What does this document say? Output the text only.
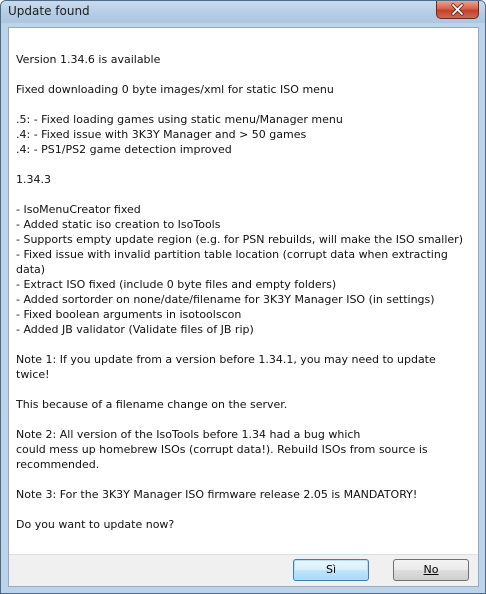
Update found
Version 1.34.6 is available

Fixed downloading 0 byte images/xml for static ISO menu

.5: - Fixed loading games using static menu/Manager menu
.4: - Fixed issue with 3K3Y Manager and > 50 games
.4: - PS1/PS2 game detection improved

1.34.3

- IsoMenuCreator fixed
- Added static iso creation to IsoTools
- Supports empty update region (e.g. for PSN rebuilds, will make the ISO smaller)
- Fixed issue with invalid partition table location (corrupt data when extracting
data)
- Extract ISO fixed (include 0 byte files and empty folders)
- Added sortorder on none/date/filename for 3K3Y Manager ISO (in settings)
- Fixed boolean arguments in isotoolscon
- Added JB validator (Validate files of JB rip)

Note 1: If you update from a version before 1.34.1, you may need to update twice!

This because of a filename change on the server.

Note 2: All version of the IsoTools before 1.34 had a bug which
could mess up homebrew ISOs (corrupt data!). Rebuild ISOs from source is
recommended.

Note 3: For the 3K3Y Manager ISO firmware release 2.05 is MANDATORY!

Do you want to update now?
Sì	No
